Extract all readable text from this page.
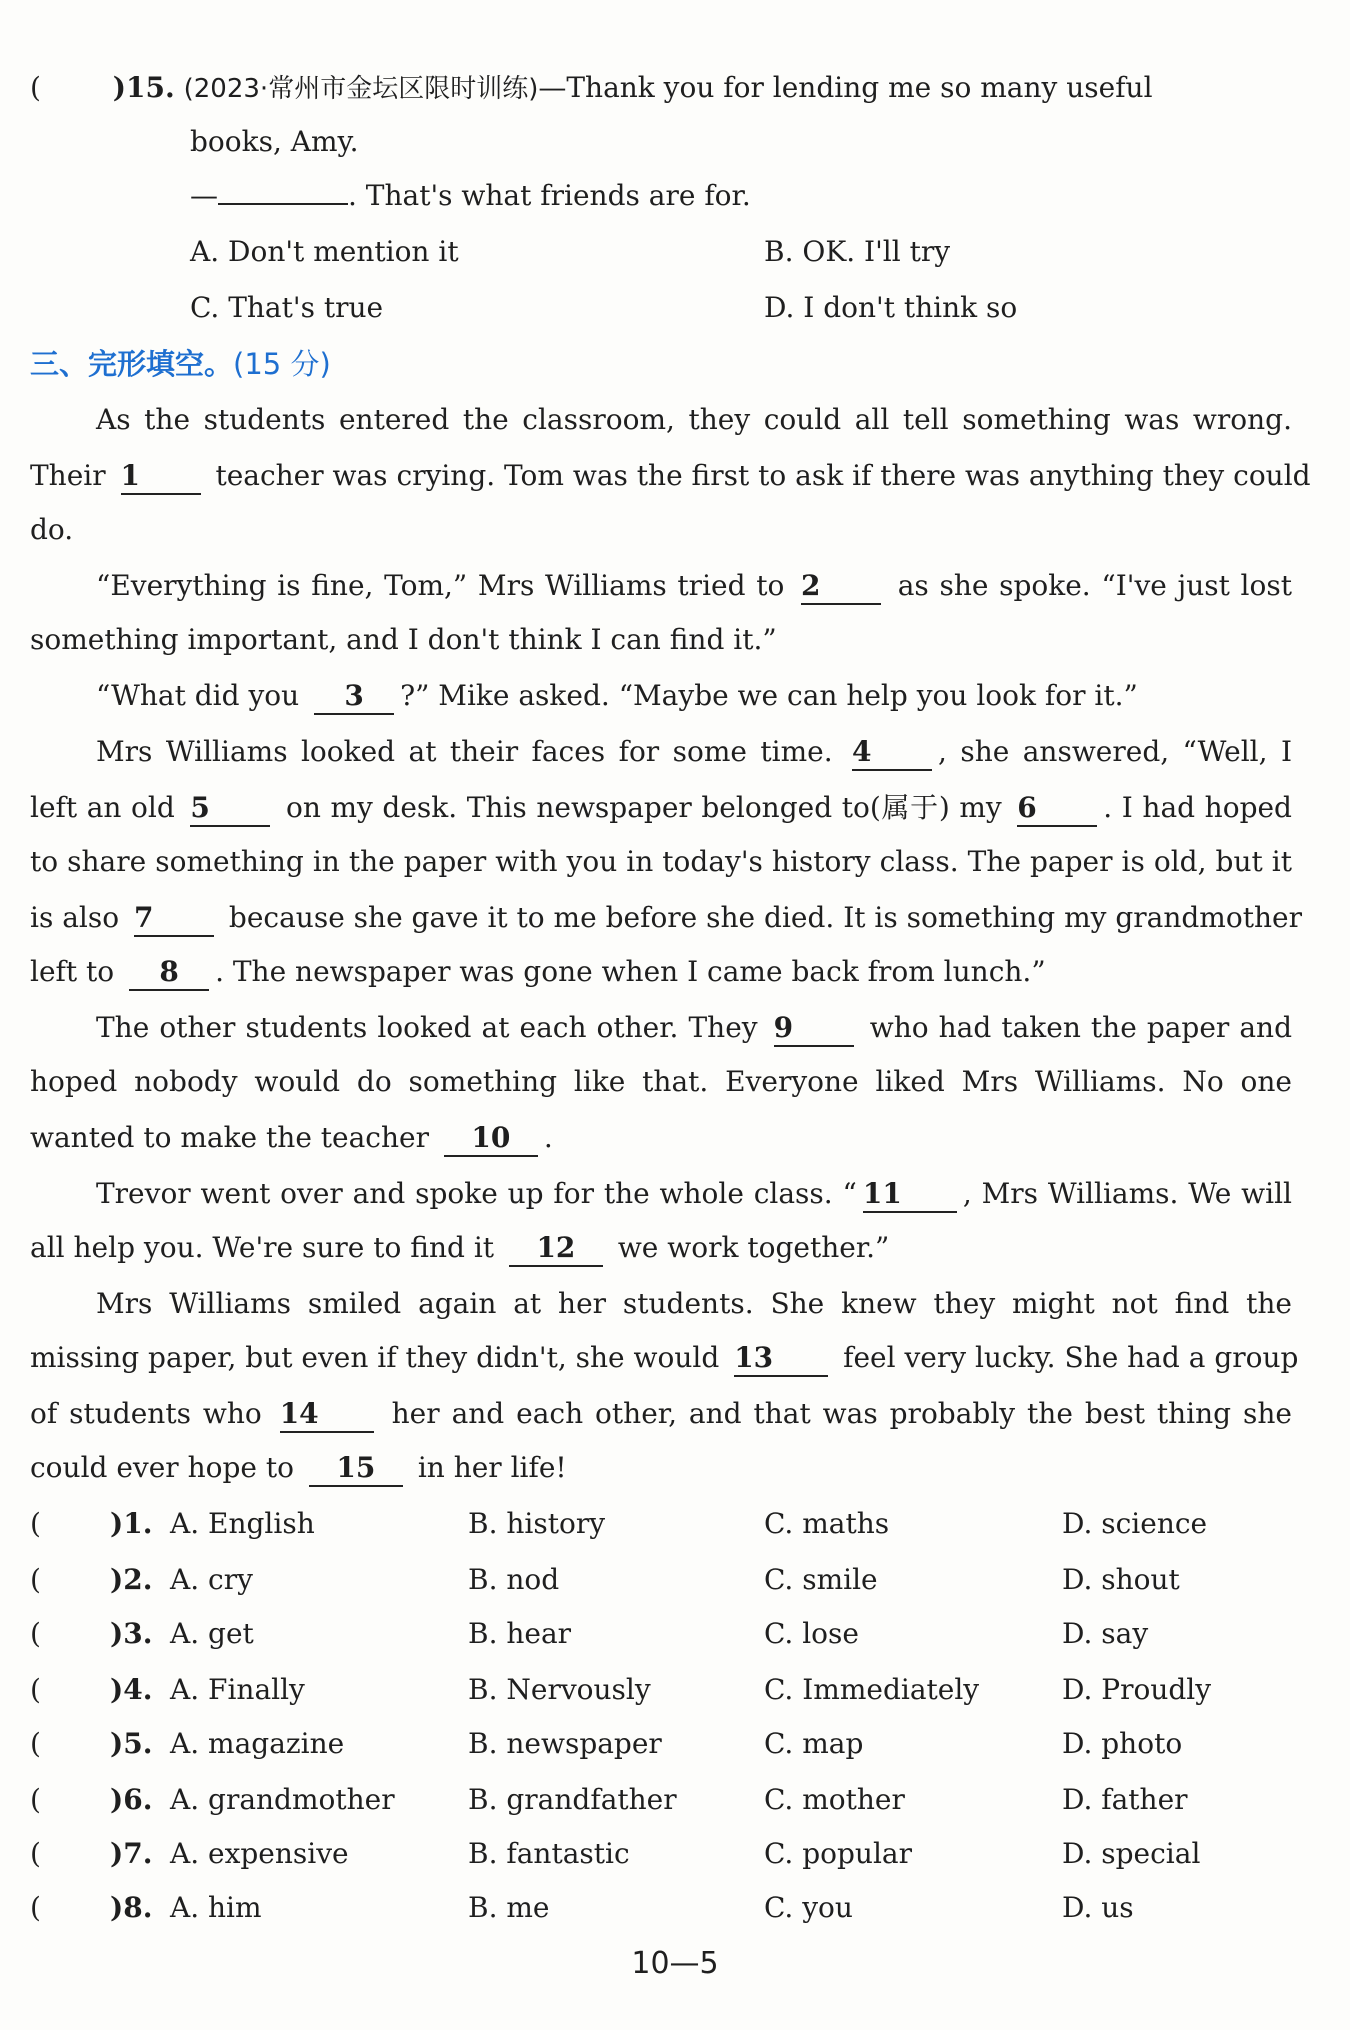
(	)15. (2023·常州市金坛区限时训练)—Thank you for lending me so many useful
books, Amy.
—	. That's what friends are for.
A. Don't mention it	B. OK. I'll try
C. That's true	D. I don't think so
三、完形填空。(15 分)
As the students entered the classroom, they could all tell something was wrong.
Their 1	teacher was crying. Tom was the first to ask if there was anything they could
do.
“Everything is fine, Tom,” Mrs Williams tried to 2	as she spoke. “I've just lost
something important, and I don't think I can find it.”
“What did you 3 ?” Mike asked. “Maybe we can help you look for it.”
Mrs Williams looked at their faces for some time. 4 , she answered, “Well, I
left an old 5	on my desk. This newspaper belonged to(属于) my 6 . I had hoped
to share something in the paper with you in today's history class. The paper is old, but it
is also 7	because she gave it to me before she died. It is something my grandmother
left to 8 . The newspaper was gone when I came back from lunch.”
The other students looked at each other. They 9	who had taken the paper and
hoped nobody would do something like that. Everyone liked Mrs Williams. No one
wanted to make the teacher 10 .
Trevor went over and spoke up for the whole class. “ 11 , Mrs Williams. We will
all help you. We're sure to find it 12 we work together.”
Mrs Williams smiled again at her students. She knew they might not find the
missing paper, but even if they didn't, she would 13 feel very lucky. She had a group
of students who 14	her and each other, and that was probably the best thing she
could ever hope to 15 in her life!
( )1. A. English	B. history	C. maths	D. science
( )2. A. cry	B. nod	C. smile	D. shout
( )3. A. get	B. hear	C. lose	D. say
( )4. A. Finally	B. Nervously	C. Immediately	D. Proudly
( )5. A. magazine	B. newspaper	C. map	D. photo
( )6. A. grandmother	B. grandfather	C. mother	D. father
( )7. A. expensive	B. fantastic	C. popular	D. special
( )8. A. him	B. me	C. you	D. us
10—5
